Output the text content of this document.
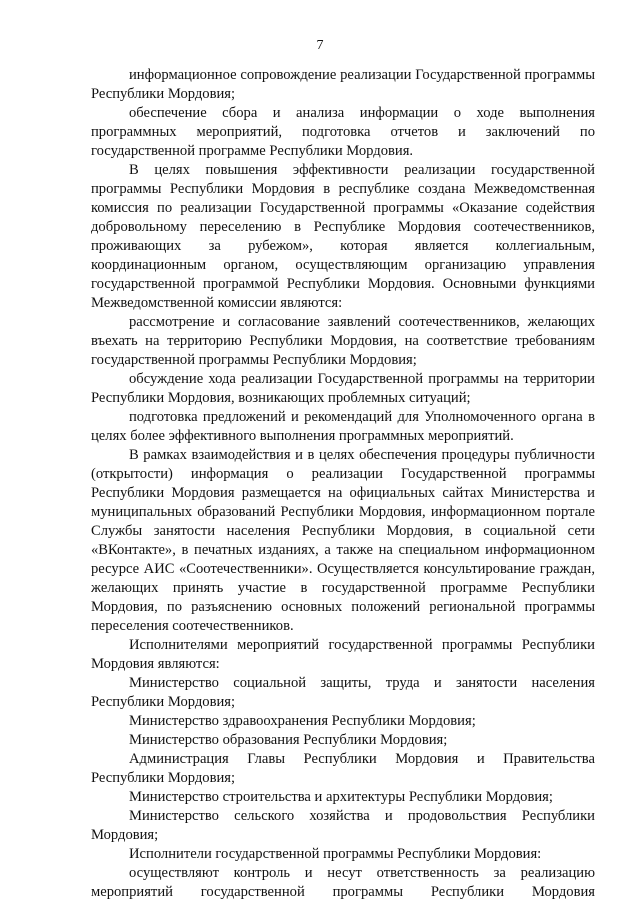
7

информационное сопровождение реализации Государственной программы Республики Мордовия;

обеспечение сбора и анализа информации о ходе выполнения программных мероприятий, подготовка отчетов и заключений по государственной программе Республики Мордовия.

В целях повышения эффективности реализации государственной программы Республики Мордовия в республике создана Межведомственная комиссия по реализации Государственной программы «Оказание содействия добровольному переселению в Республике Мордовия соотечественников, проживающих за рубежом», которая является коллегиальным, координационным органом, осуществляющим организацию управления государственной программой Республики Мордовия. Основными функциями Межведомственной комиссии являются:

рассмотрение и согласование заявлений соотечественников, желающих въехать на территорию Республики Мордовия, на соответствие требованиям государственной программы Республики Мордовия;

обсуждение хода реализации Государственной программы на территории Республики Мордовия, возникающих проблемных ситуаций;

подготовка предложений и рекомендаций для Уполномоченного органа в целях более эффективного выполнения программных мероприятий.

В рамках взаимодействия и в целях обеспечения процедуры публичности (открытости) информация о реализации Государственной программы Республики Мордовия размещается на официальных сайтах Министерства и муниципальных образований Республики Мордовия, информационном портале Службы занятости населения Республики Мордовия, в социальной сети «ВКонтакте», в печатных изданиях, а также на специальном информационном ресурсе АИС «Соотечественники». Осуществляется консультирование граждан, желающих принять участие в государственной программе Республики Мордовия, по разъяснению основных положений региональной программы переселения соотечественников.

Исполнителями мероприятий государственной программы Республики Мордовия являются:

Министерство социальной защиты, труда и занятости населения Республики Мордовия;

Министерство здравоохранения Республики Мордовия;

Министерство образования Республики Мордовия;

Администрация Главы Республики Мордовия и Правительства Республики Мордовия;

Министерство строительства и архитектуры Республики Мордовия;

Министерство сельского хозяйства и продовольствия Республики Мордовия;

Исполнители государственной программы Республики Мордовия:

осуществляют контроль и несут ответственность за реализацию мероприятий государственной программы Республики Мордовия
